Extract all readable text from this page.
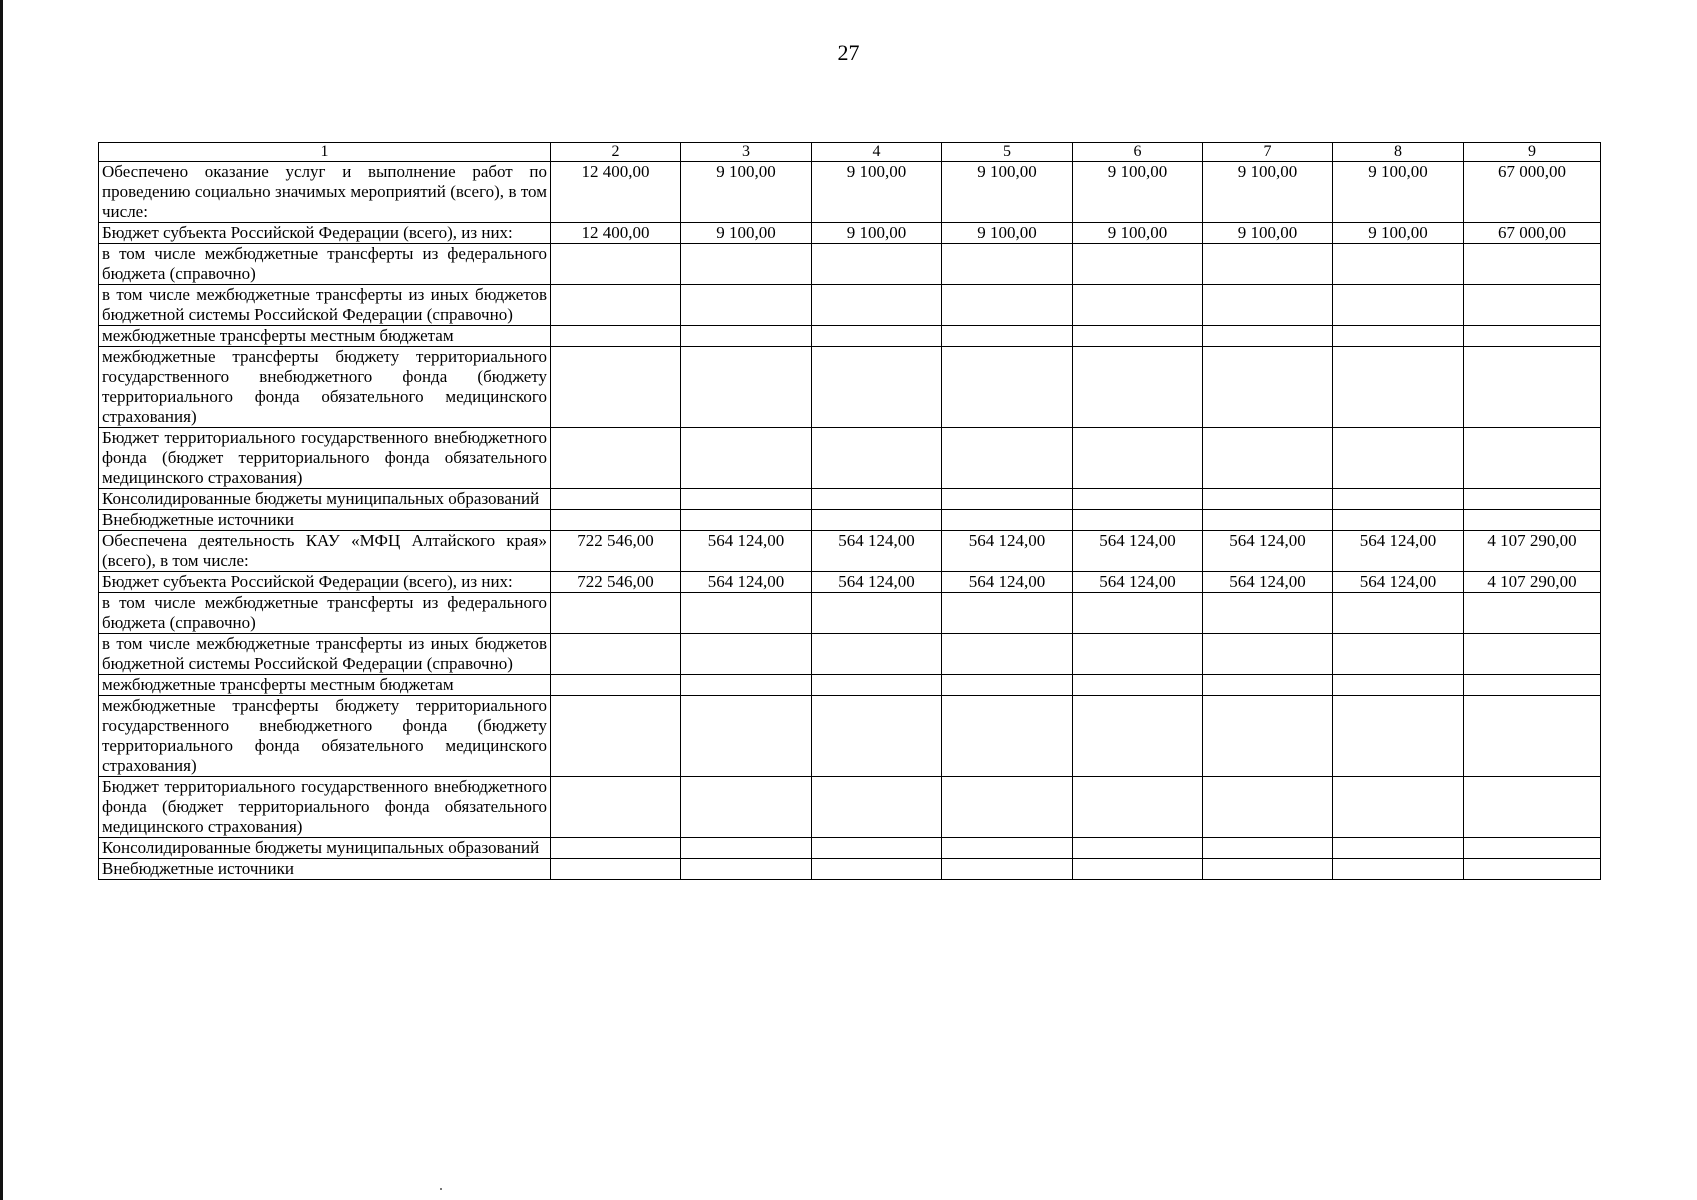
27
1	2	3	4	5	6	7	8	9
Обеспечено оказание услуг и выполнение работ по проведению социально значимых мероприятий (всего), в том числе:	12 400,00	9 100,00	9 100,00	9 100,00	9 100,00	9 100,00	9 100,00	67 000,00
Бюджет субъекта Российской Федерации (всего), из них:	12 400,00	9 100,00	9 100,00	9 100,00	9 100,00	9 100,00	9 100,00	67 000,00
в том числе межбюджетные трансферты из федерального бюджета (справочно)								
в том числе межбюджетные трансферты из иных бюджетов бюджетной системы Российской Федерации (справочно)								
межбюджетные трансферты местным бюджетам								
межбюджетные трансферты бюджету территориального государственного внебюджетного фонда (бюджету территориального фонда обязательного медицинского страхования)								
Бюджет территориального государственного внебюджетного фонда (бюджет территориального фонда обязательного медицинского страхования)								
Консолидированные бюджеты муниципальных образований								
Внебюджетные источники								
Обеспечена деятельность КАУ «МФЦ Алтайского края» (всего), в том числе:	722 546,00	564 124,00	564 124,00	564 124,00	564 124,00	564 124,00	564 124,00	4 107 290,00
Бюджет субъекта Российской Федерации (всего), из них:	722 546,00	564 124,00	564 124,00	564 124,00	564 124,00	564 124,00	564 124,00	4 107 290,00
в том числе межбюджетные трансферты из федерального бюджета (справочно)								
в том числе межбюджетные трансферты из иных бюджетов бюджетной системы Российской Федерации (справочно)								
межбюджетные трансферты местным бюджетам								
межбюджетные трансферты бюджету территориального государственного внебюджетного фонда (бюджету территориального фонда обязательного медицинского страхования)								
Бюджет территориального государственного внебюджетного фонда (бюджет территориального фонда обязательного медицинского страхования)								
Консолидированные бюджеты муниципальных образований								
Внебюджетные источники								
